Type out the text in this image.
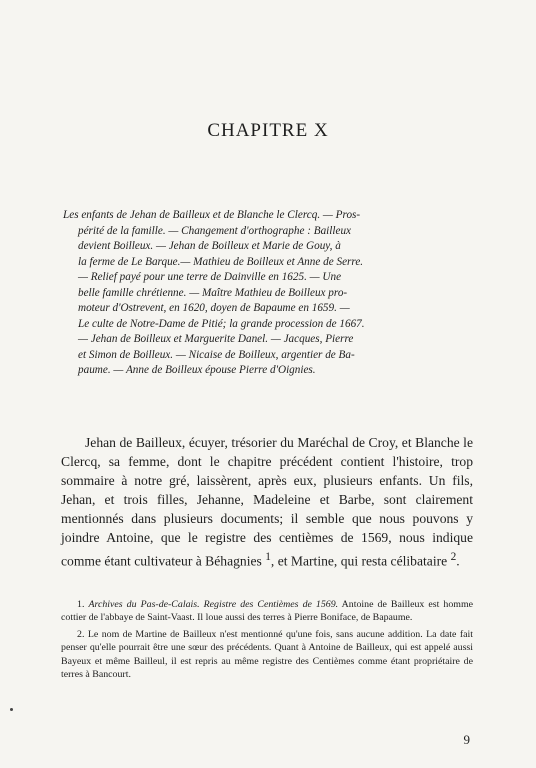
CHAPITRE X
Les enfants de Jehan de Bailleux et de Blanche le Clercq. — Pros-
périté de la famille. — Changement d'orthographe : Bailleux
devient Boilleux. — Jehan de Boilleux et Marie de Gouy, à
la ferme de Le Barque.— Mathieu de Boilleux et Anne de Serre.
— Relief payé pour une terre de Dainville en 1625. — Une
belle famille chrétienne. — Maître Mathieu de Boilleux pro-
moteur d'Ostrevent, en 1620, doyen de Bapaume en 1659. —
Le culte de Notre-Dame de Pitié; la grande procession de 1667.
— Jehan de Boilleux et Marguerite Danel. — Jacques, Pierre
et Simon de Boilleux. — Nicaise de Boilleux, argentier de Ba-
paume. — Anne de Boilleux épouse Pierre d'Oignies.

Jehan de Bailleux, écuyer, trésorier du Maréchal de Croy, et Blanche le Clercq, sa femme, dont le chapitre précédent contient l'histoire, trop sommaire à notre gré, laissèrent, après eux, plusieurs enfants. Un fils, Jehan, et trois filles, Jehanne, Madeleine et Barbe, sont clairement mentionnés dans plusieurs documents; il semble que nous pouvons y joindre Antoine, que le registre des centièmes de 1569, nous indique comme étant cultivateur à Béhagnies $^1$, et Martine, qui resta célibataire $^2$.

1. Archives du Pas-de-Calais. Registre des Centièmes de 1569. Antoine de Bailleux est homme cottier de l'abbaye de Saint-Vaast. Il loue aussi des terres à Pierre Boniface, de Bapaume.

2. Le nom de Martine de Bailleux n'est mentionné qu'une fois, sans aucune addition. La date fait penser qu'elle pourrait être une sœur des précédents. Quant à Antoine de Bailleux, qui est appelé aussi Bayeux et même Bailleul, il est repris au même registre des Centièmes comme étant propriétaire de terres à Bancourt.

9
